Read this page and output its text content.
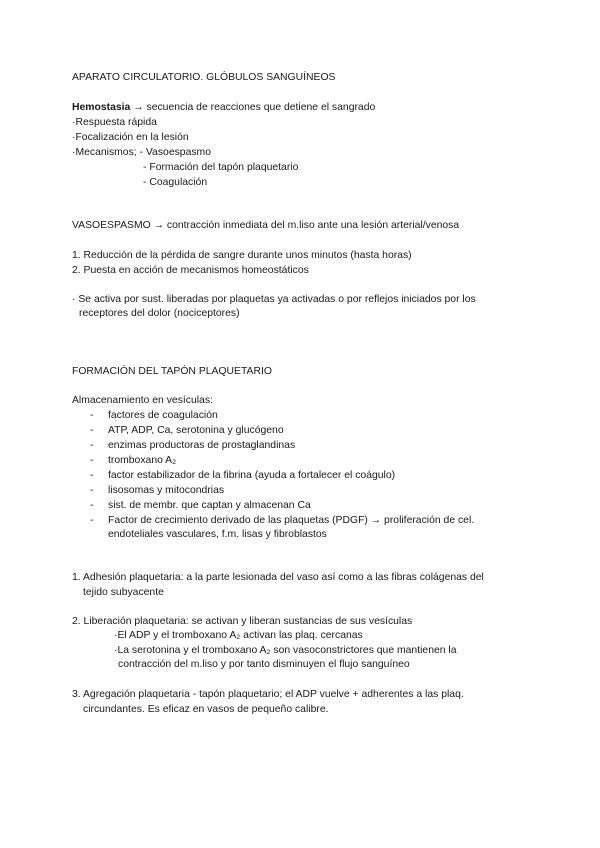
APARATO CIRCULATORIO. GLÓBULOS SANGUÍNEOS
Hemostasia → secuencia de reacciones que detiene el sangrado
·Respuesta rápida
·Focalización en la lesión
·Mecanismos; - Vasoespasmo
- Formación del tapón plaquetario
- Coagulación
VASOESPASMO → contracción inmediata del m.liso ante una lesión arterial/venosa
1. Reducción de la pérdida de sangre durante unos minutos (hasta horas)
2. Puesta en acción de mecanismos homeostáticos
· Se activa por sust. liberadas por plaquetas ya activadas o por reflejos iniciados por los
receptores del dolor (nociceptores)
FORMACIÓN DEL TAPÓN PLAQUETARIO
Almacenamiento en vesículas:
- factores de coagulación
- ATP, ADP, Ca, serotonina y glucógeno
- enzimas productoras de prostaglandinas
- tromboxano A₂
- factor estabilizador de la fibrina (ayuda a fortalecer el coágulo)
- lisosomas y mitocondrias
- sist. de membr. que captan y almacenan Ca
- Factor de crecimiento derivado de las plaquetas (PDGF) → proliferación de cel.
endoteliales vasculares, f.m. lisas y fibroblastos
1. Adhesión plaquetaria: a la parte lesionada del vaso así como a las fibras colágenas del
tejido subyacente
2. Liberación plaquetaria: se activan y liberan sustancias de sus vesículas
·El ADP y el tromboxano A₂ activan las plaq. cercanas
·La serotonina y el tromboxano A₂ son vasoconstrictores que mantienen la
contracción del m.liso y por tanto disminuyen el flujo sanguíneo
3. Agregación plaquetaria - tapón plaquetario; el ADP vuelve + adherentes a las plaq.
circundantes. Es eficaz en vasos de pequeño calibre.
